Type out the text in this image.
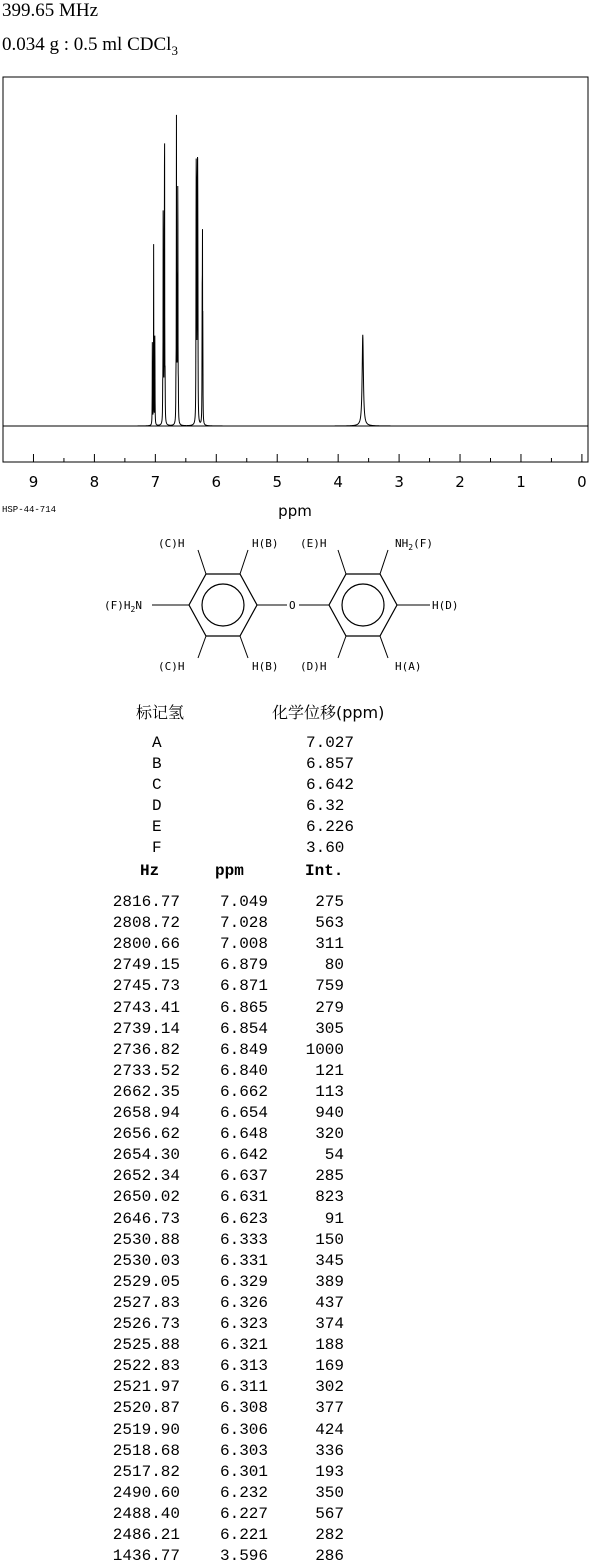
399.65 MHz
0.034 g : 0.5 ml CDCl$_3$
9	8	7	6	5	4	3	2	1	0
ppm
HSP-44-714
(C)H	H(B) (E)H	$NH_2(F)$
$(F)H_2N$	O	H(D)
(C)H	H(B) (D)H	H(A)
标记氢	化学位移(ppm)
A	7.027
B	6.857
C	6.642
D	6.32
E	6.226
F	3.60
Hz	ppm	Int.
2816.77 7.049	275
2808.72 7.028	563
2800.66 7.008	311
2749.15 6.879	80
2745.73 6.871	759
2743.41 6.865	279
2739.14 6.854	305
2736.82 6.849 1000
2733.52 6.840	121
2662.35 6.662	113
2658.94 6.654	940
2656.62 6.648	320
2654.30 6.642	54
2652.34 6.637	285
2650.02 6.631	823
2646.73 6.623	91
2530.88 6.333	150
2530.03 6.331	345
2529.05 6.329	389
2527.83 6.326	437
2526.73 6.323	374
2525.88 6.321	188
2522.83 6.313	169
2521.97 6.311	302
2520.87 6.308	377
2519.90 6.306	424
2518.68 6.303	336
2517.82 6.301	193
2490.60 6.232	350
2488.40 6.227	567
2486.21 6.221	282
1436.77 3.596	286
